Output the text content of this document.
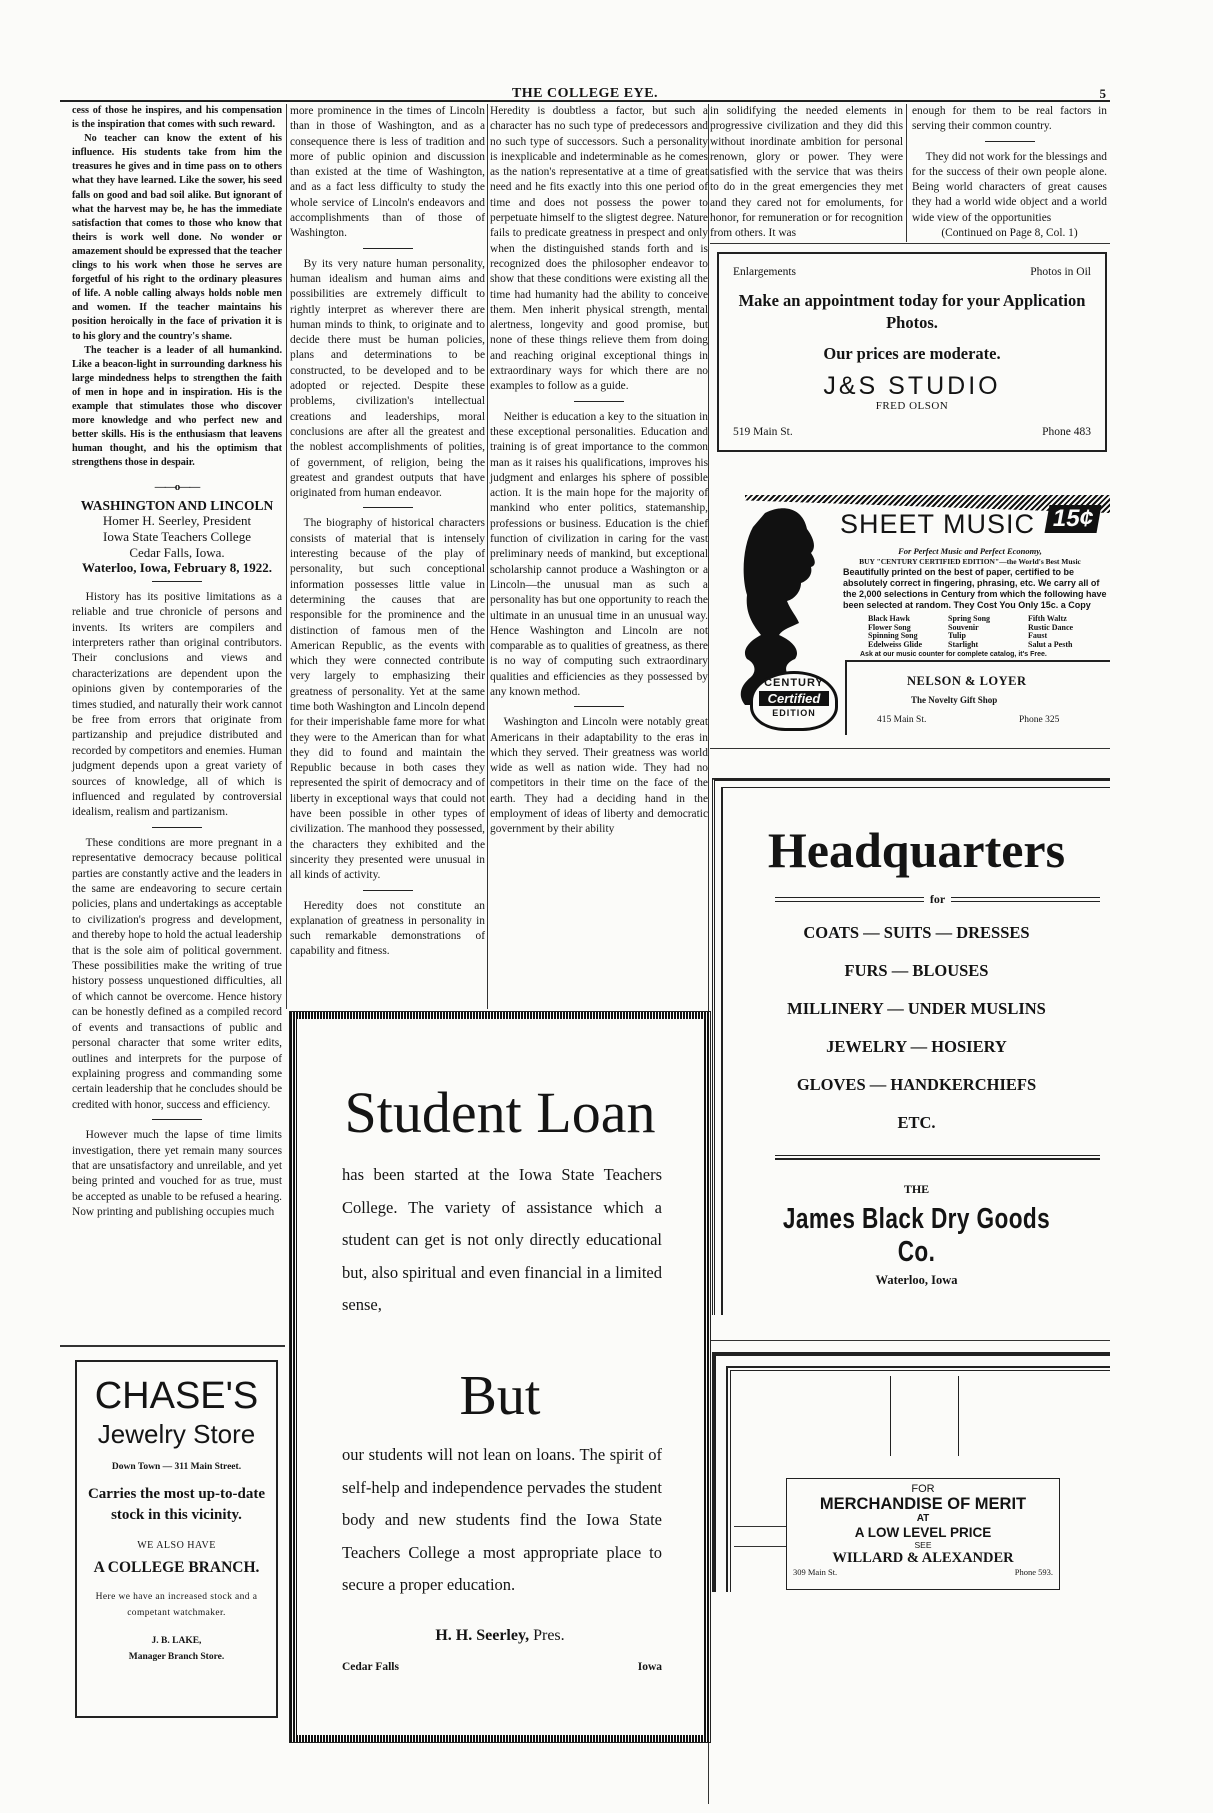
THE COLLEGE EYE.	5

cess of those he inspires, and his compensation is the inspiration that comes with such reward.

No teacher can know the extent of his influence. His students take from him the treasures he gives and in time pass on to others what they have learned. Like the sower, his seed falls on good and bad soil alike. But ignorant of what the harvest may be, he has the immediate satisfaction that comes to those who know that theirs is work well done. No wonder or amazement should be expressed that the teacher clings to his work when those he serves are forgetful of his right to the ordinary pleasures of life. A noble calling always holds noble men and women. If the teacher maintains his position heroically in the face of privation it is to his glory and the country's shame.

The teacher is a leader of all humankind. Like a beacon-light in surrounding darkness his large mindedness helps to strengthen the faith of men in hope and in inspiration. His is the example that stimulates those who discover more knowledge and who perfect new and better skills. His is the enthusiasm that leavens human thought, and his the optimism that strengthens those in despair.

——o——

WASHINGTON AND LINCOLN

Homer H. Seerley, President

Iowa State Teachers College

Cedar Falls, Iowa.

Waterloo, Iowa, February 8, 1922.

History has its positive limitations as a reliable and true chronicle of persons and invents. Its writers are compilers and interpreters rather than original contributors. Their conclusions and views and characterizations are dependent upon the opinions given by contemporaries of the times studied, and naturally their work cannot be free from errors that originate from partizanship and prejudice distributed and recorded by competitors and enemies. Human judgment depends upon a great variety of sources of knowledge, all of which is influenced and regulated by controversial idealism, realism and partizanism.

These conditions are more pregnant in a representative democracy because political parties are constantly active and the leaders in the same are endeavoring to secure certain policies, plans and undertakings as acceptable to civilization's progress and development, and thereby hope to hold the actual leadership that is the sole aim of political government. These possibilities make the writing of true history possess unquestioned difficulties, all of which cannot be overcome. Hence history can be honestly defined as a compiled record of events and transactions of public and personal character that some writer edits, outlines and interprets for the purpose of explaining progress and commanding some certain leadership that he concludes should be credited with honor, success and efficiency.

However much the lapse of time limits investigation, there yet remain many sources that are unsatisfactory and unreilable, and yet being printed and vouched for as true, must be accepted as unable to be refused a hearing. Now printing and publishing occupies much

more prominence in the times of Lincoln than in those of Washington, and as a consequence there is less of tradition and more of public opinion and discussion than existed at the time of Washington, and as a fact less difficulty to study the whole service of Lincoln's endeavors and accomplishments than of those of Washington.

By its very nature human personality, human idealism and human aims and possibilities are extremely difficult to rightly interpret as wherever there are human minds to think, to originate and to decide there must be human policies, plans and determinations to be constructed, to be developed and to be adopted or rejected. Despite these problems, civilization's intellectual creations and leaderships, moral conclusions are after all the greatest and the noblest accomplishments of polities, of government, of religion, being the greatest and grandest outputs that have originated from human endeavor.

The biography of historical characters consists of material that is intensely interesting because of the play of personality, but such conceptional information possesses little value in determining the causes that are responsible for the prominence and the distinction of famous men of the American Republic, as the events with which they were connected contribute very largely to emphasizing their greatness of personality. Yet at the same time both Washington and Lincoln depend for their imperishable fame more for what they were to the American than for what they did to found and maintain the Republic because in both cases they represented the spirit of democracy and of liberty in exceptional ways that could not have been possible in other types of civilization. The manhood they possessed, the characters they exhibited and the sincerity they presented were unusual in all kinds of activity.

Heredity does not constitute an explanation of greatness in personality in such remarkable demonstrations of capability and fitness.

Heredity is doubtless a factor, but such a character has no such type of predecessors and no such type of successors. Such a personality is inexplicable and indeterminable as he comes as the nation's representative at a time of great need and he fits exactly into this one period of time and does not possess the power to perpetuate himself to the sligtest degree. Nature fails to predicate greatness in prespect and only when the distinguished stands forth and is recognized does the philosopher endeavor to show that these conditions were existing all the time had humanity had the ability to conceive them. Men inherit physical strength, mental alertness, longevity and good promise, but none of these things relieve them from doing and reaching original exceptional things in extraordinary ways for which there are no examples to follow as a guide.

Neither is education a key to the situation in these exceptional personalities. Education and training is of great importance to the common man as it raises his qualifications, improves his judgment and enlarges his sphere of possible action. It is the main hope for the majority of mankind who enter politics, statemanship, professions or business. Education is the chief function of civilization in caring for the vast preliminary needs of mankind, but exceptional scholarship cannot produce a Washington or a Lincoln—the unusual man as such a personality has but one opportunity to reach the ultimate in an unusual time in an unusual way. Hence Washington and Lincoln are not comparable as to qualities of greatness, as there is no way of computing such extraordinary qualities and efficiencies as they possessed by any known method.

Washington and Lincoln were notably great Americans in their adaptability to the eras in which they served. Their greatness was world wide as well as nation wide. They had no competitors in their time on the face of the earth. They had a deciding hand in the employment of ideas of liberty and democratic government by their ability

in solidifying the needed elements in progressive civilization and they did this without inordinate ambition for personal renown, glory or power. They were satisfied with the service that was theirs to do in the great emergencies they met and they cared not for emoluments, for honor, for remuneration or for recognition from others. It was

enough for them to be real factors in serving their common country.

They did not work for the blessings and for the success of their own people alone. Being world characters of great causes they had a world wide object and a world wide view of the opportunities

(Continued on Page 8, Col. 1)

CHASE'S
Jewelry Store
Down Town — 311 Main Street.
Carries the most up-to-date stock in this vicinity.
WE ALSO HAVE
A COLLEGE BRANCH.
Here we have an increased stock and a competant watchmaker.
J. B. LAKE,
Manager Branch Store.
Enlargements	Photos in Oil
Make an appointment today for your Application Photos.
Our prices are moderate.
J&S STUDIO
FRED OLSON
519 Main St.	Phone 483
CENTURY
Certified
EDITION
SHEET MUSIC 15¢
For Perfect Music and Perfect Economy,
BUY "CENTURY CERTIFIED EDITION"—the World's Best Music
Beautifully printed on the best of paper, certified to be absolutely correct in fingering, phrasing, etc. We carry all of the 2,000 selections in Century from which the following have been selected at random. They Cost You Only 15c. a Copy
Black Hawk	Spring Song	Fifth Waltz
Flower Song	Souvenir	Rustic Dance
Spinning Song	Tulip	Faust
Edelweiss Glide	Starlight	Salut a Pesth
Ask at our music counter for complete catalog, it's Free.
NELSON & LOYER
The Novelty Gift Shop
415 Main St.	Phone 325
Headquarters
for
COATS — SUITS — DRESSES
FURS — BLOUSES
MILLINERY — UNDER MUSLINS
JEWELRY — HOSIERY
GLOVES — HANDKERCHIEFS
ETC.
THE
James Black Dry Goods Co.
Waterloo, Iowa
FOR
MERCHANDISE OF MERIT
AT
A LOW LEVEL PRICE
SEE
WILLARD & ALEXANDER
309 Main St.	Phone 593.
Student Loan
has been started at the Iowa State Teachers College. The variety of assistance which a student can get is not only directly educational but, also spiritual and even financial in a limited sense,
But
our students will not lean on loans. The spirit of self-help and independence pervades the student body and new students find the Iowa State Teachers College a most appropriate place to secure a proper education.
H. H. Seerley, Pres.
Cedar Falls	Iowa
